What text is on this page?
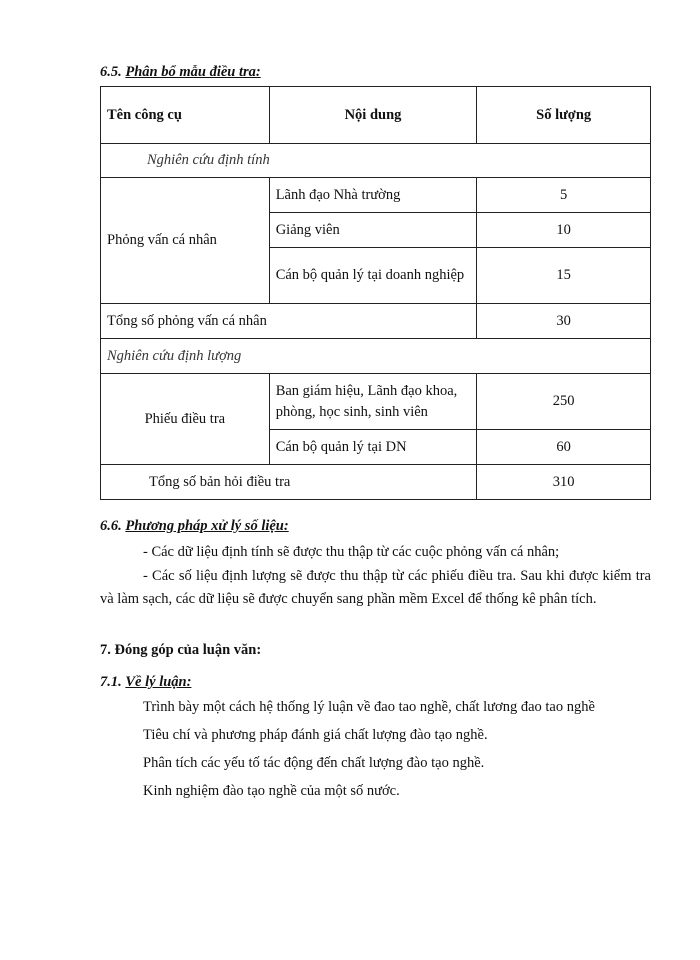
6.5. Phân bổ mẫu điều tra:
Tên công cụ	Nội dung	Số lượng
Nghiên cứu định tính		
Phỏng vấn cá nhân	Lãnh đạo Nhà trường	5
	Giảng viên	10
	Cán bộ quản lý tại doanh nghiệp	15
Tổng số phỏng vấn cá nhân		30
Nghiên cứu định lượng		
Phiếu điều tra	Ban giám hiệu, Lãnh đạo khoa, phòng, học sinh, sinh viên	250
	Cán bộ quản lý tại DN	60
Tổng số bản hỏi điều tra		310
6.6. Phương pháp xử lý số liệu:
- Các dữ liệu định tính sẽ được thu thập từ các cuộc phỏng vấn cá nhân;
- Các số liệu định lượng sẽ được thu thập từ các phiếu điều tra. Sau khi được kiểm tra và làm sạch, các dữ liệu sẽ được chuyển sang phần mềm Excel để thống kê phân tích.
7. Đóng góp của luận văn:
7.1. Về lý luận:
Trình bày một cách hệ thống lý luận về đao tao nghề, chất lương đao tao nghề
Tiêu chí và phương pháp đánh giá chất lượng đào tạo nghề.
Phân tích các yếu tố tác động đến chất lượng đào tạo nghề.
Kinh nghiệm đào tạo nghề của một số nước.
